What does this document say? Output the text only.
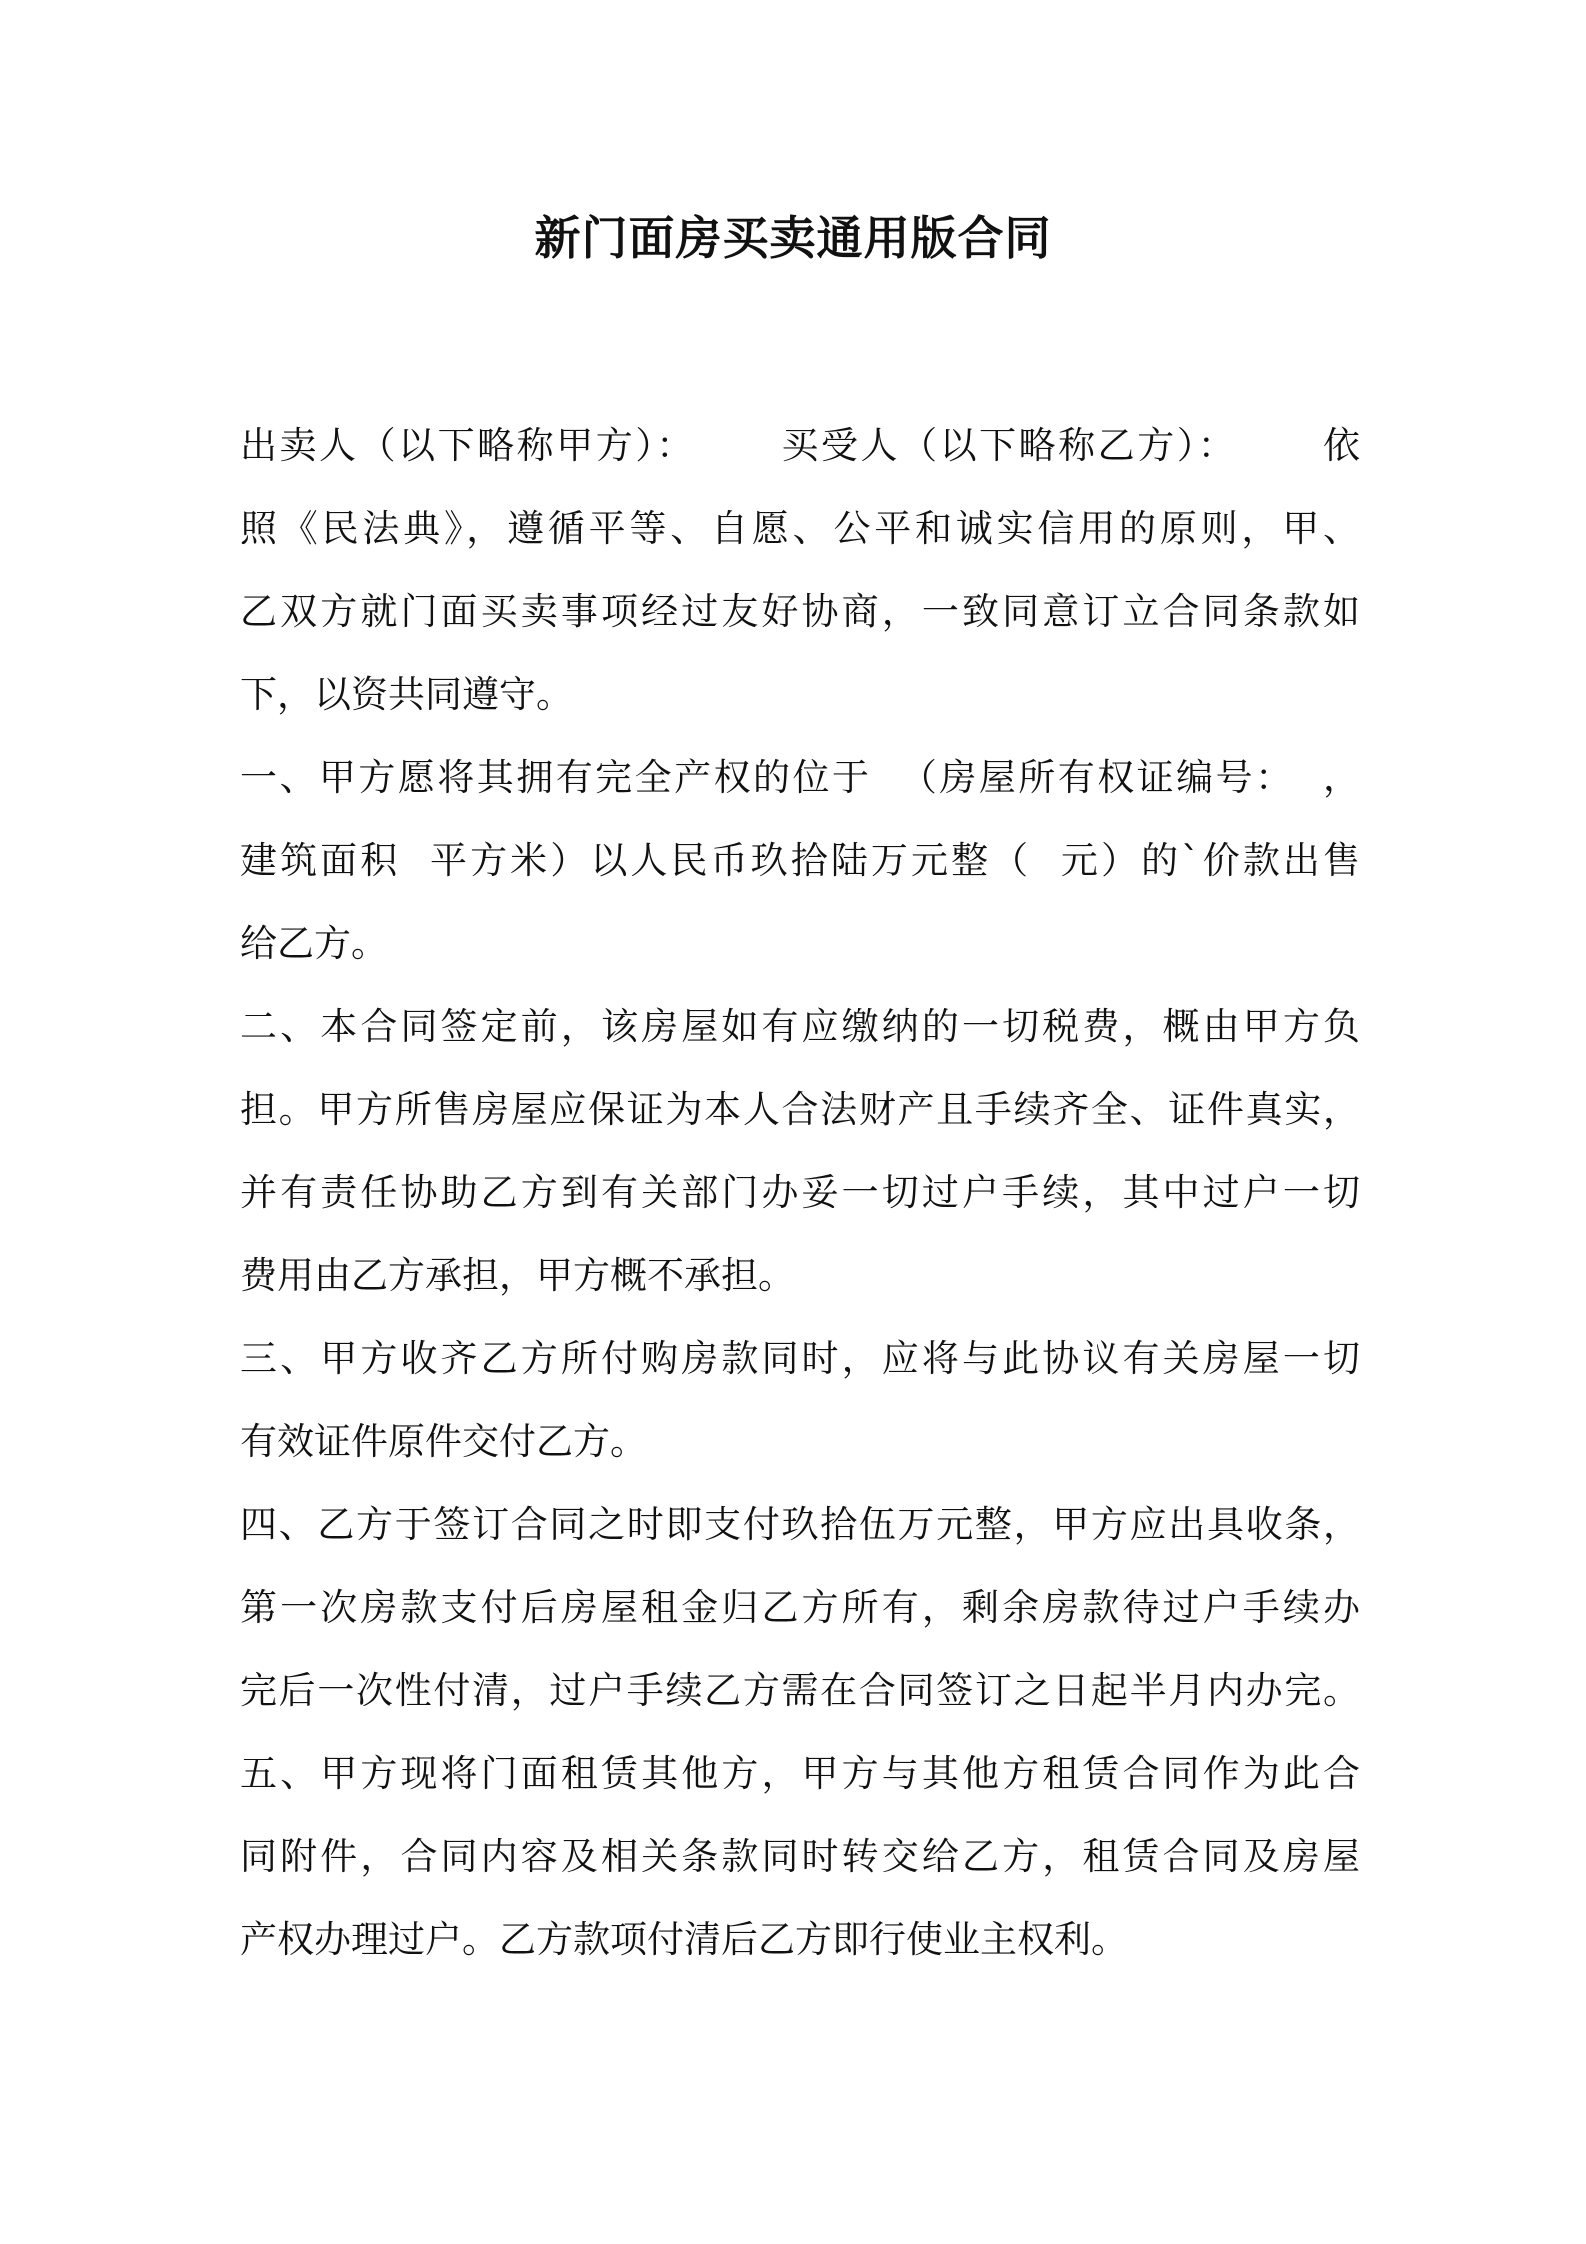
新门面房买卖通用版合同
出卖人（以下略称甲方）：      买受人（以下略称乙方）：      依
照《民法典》，遵循平等、自愿、公平和诚实信用的原则，甲、
乙双方就门面买卖事项经过友好协商，一致同意订立合同条款如
下，以资共同遵守。
一、甲方愿将其拥有完全产权的位于  （房屋所有权证编号：  ，
建筑面积  平方米）以人民币玖拾陆万元整（  元）的`价款出售
给乙方。
二、本合同签定前，该房屋如有应缴纳的一切税费，概由甲方负
担。甲方所售房屋应保证为本人合法财产且手续齐全、证件真实，
并有责任协助乙方到有关部门办妥一切过户手续，其中过户一切
费用由乙方承担，甲方概不承担。
三、甲方收齐乙方所付购房款同时，应将与此协议有关房屋一切
有效证件原件交付乙方。
四、乙方于签订合同之时即支付玖拾伍万元整，甲方应出具收条，
第一次房款支付后房屋租金归乙方所有，剩余房款待过户手续办
完后一次性付清，过户手续乙方需在合同签订之日起半月内办完。
五、甲方现将门面租赁其他方，甲方与其他方租赁合同作为此合
同附件，合同内容及相关条款同时转交给乙方，租赁合同及房屋
产权办理过户。乙方款项付清后乙方即行使业主权利。
